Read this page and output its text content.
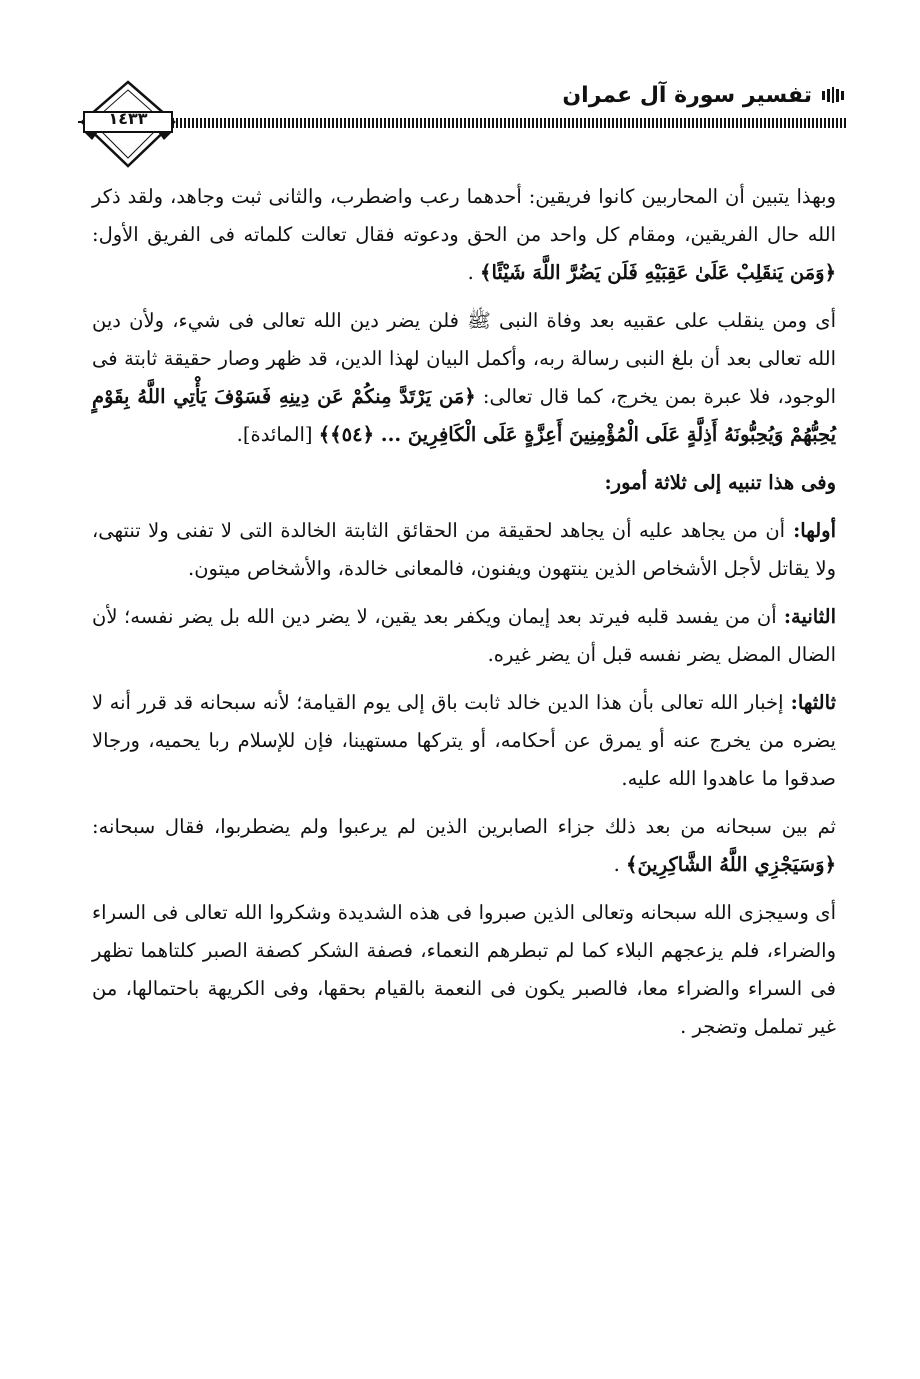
تفسير سورة آل عمران
١٤٣٣

وبهذا يتبين أن المحاربين كانوا فريقين: أحدهما رعب واضطرب، والثانى ثبت وجاهد، ولقد ذكر الله حال الفريقين، ومقام كل واحد من الحق ودعوته فقال تعالت كلماته فى الفريق الأول: ﴿وَمَن يَنقَلِبْ عَلَىٰ عَقِبَيْهِ فَلَن يَضُرَّ اللَّهَ شَيْئًا﴾ .

أى ومن ينقلب على عقبيه بعد وفاة النبى ﷺ فلن يضر دين الله تعالى فى شيء، ولأن دين الله تعالى بعد أن بلغ النبى رسالة ربه، وأكمل البيان لهذا الدين، قد ظهر وصار حقيقة ثابتة فى الوجود، فلا عبرة بمن يخرج، كما قال تعالى: ﴿مَن يَرْتَدَّ مِنكُمْ عَن دِينِهِ فَسَوْفَ يَأْتِي اللَّهُ بِقَوْمٍ يُحِبُّهُمْ وَيُحِبُّونَهُ أَذِلَّةٍ عَلَى الْمُؤْمِنِينَ أَعِزَّةٍ عَلَى الْكَافِرِينَ ... ﴿٥٤﴾﴾ [المائدة].

وفى هذا تنبيه إلى ثلاثة أمور:

أولها: أن من يجاهد عليه أن يجاهد لحقيقة من الحقائق الثابتة الخالدة التى لا تفنى ولا تنتهى، ولا يقاتل لأجل الأشخاص الذين ينتهون ويفنون، فالمعانى خالدة، والأشخاص ميتون.

الثانية: أن من يفسد قلبه فيرتد بعد إيمان ويكفر بعد يقين، لا يضر دين الله بل يضر نفسه؛ لأن الضال المضل يضر نفسه قبل أن يضر غيره.

ثالثها: إخبار الله تعالى بأن هذا الدين خالد ثابت باق إلى يوم القيامة؛ لأنه سبحانه قد قرر أنه لا يضره من يخرج عنه أو يمرق عن أحكامه، أو يتركها مستهينا، فإن للإسلام ربا يحميه، ورجالا صدقوا ما عاهدوا الله عليه.

ثم بين سبحانه من بعد ذلك جزاء الصابرين الذين لم يرعبوا ولم يضطربوا، فقال سبحانه: ﴿وَسَيَجْزِي اللَّهُ الشَّاكِرِينَ﴾ .

أى وسيجزى الله سبحانه وتعالى الذين صبروا فى هذه الشديدة وشكروا الله تعالى فى السراء والضراء، فلم يزعجهم البلاء كما لم تبطرهم النعماء، فصفة الشكر كصفة الصبر كلتاهما تظهر فى السراء والضراء معا، فالصبر يكون فى النعمة بالقيام بحقها، وفى الكريهة باحتمالها، من غير تململ وتضجر .
